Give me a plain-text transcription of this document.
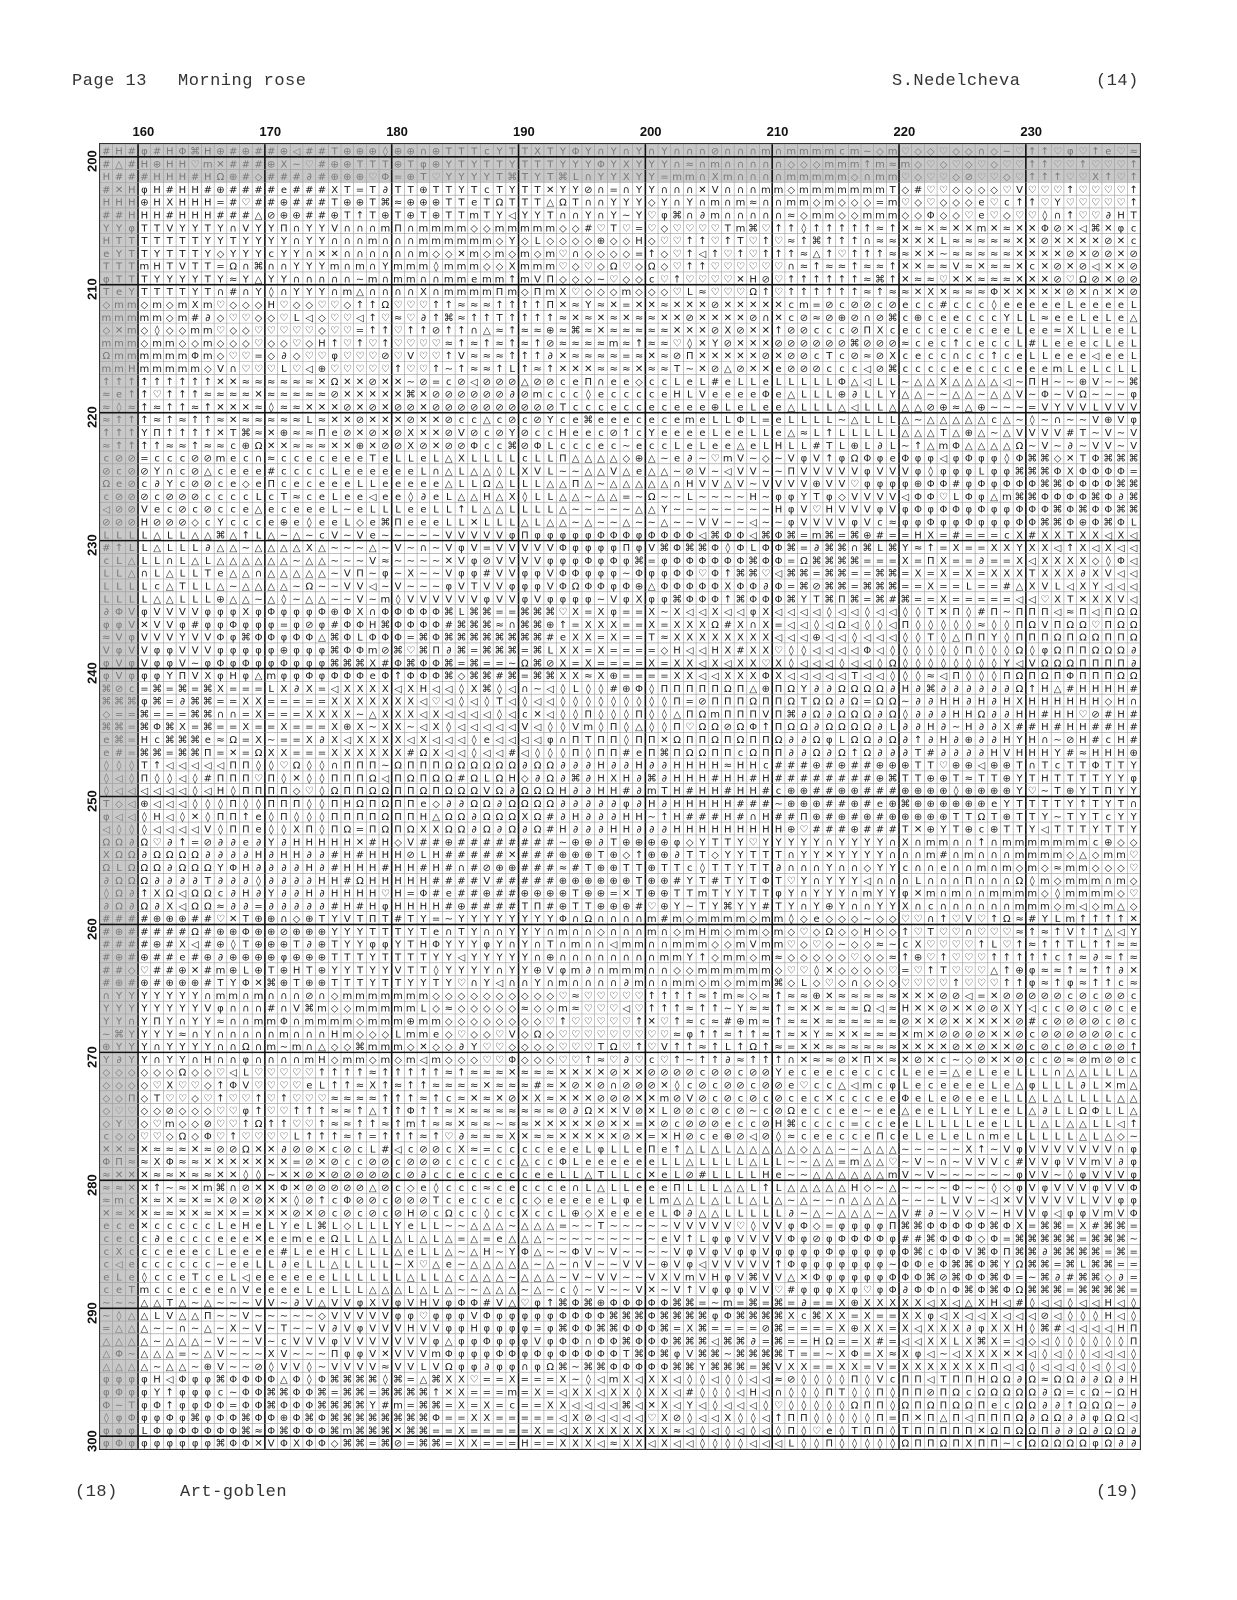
Page 13 Morning rose	S.Nedelcheva	(14)
160	170	180	190	200	210	220	230
200
210
220
230
240
250
260
270
280
290
300
# H # φ # H Φ ⌘ H ⊕ # ⊕ # # ⊕ ◁ # # T ⊕ ⊕ ⊕ ◊ ⊕ ⊕ ∩ ⊕ T T T c Y T T X T Y Φ Y ∩ Y ∩ Y ∩ Y ∩ ∩ ∩ ⊘ ∩ ∩ ∩ m ∩ m m m m c m ∼ ◇ m ♡ ◇ ◇ ♡ ◇ ◇ ∩ ◇ ∼ ♡ ↑ ↑ ♡ φ ♡ ↑ e ♡ ≈
# △ # H ⊕ H H ♡ m ✕ # # # ⊕ X ∼ ♡ # ⊕ ⊕ T T T ⊕ T φ ⊕ Y T Y T T Y T T T Y Y Y Φ Y X Y Y Y ∩ ≈ ∩ m ∩ ∩ ∩ ∩ ∩ ◇ ◇ ◇ m m m ↑ m ≈ m ◇ ♡ ◇ ♡ ◇ ♡ ◇ ♡ ♡ ↑ ↑ ♡ ♡ ↑ ♡ ♡ ♡ ↑
H # # # H H H # H Ω ⊕ # ◇ # # # ∂ # ⊕ ⊕ ⊕ ♡ Φ = ⊕ T ♡ Y Y Y Y T ⌘ T Y T ⌘ L ∩ Y Y X Y Y = m m ∩ X m ∩ ∩ ∩ ∩ m m m m m ◇ ∩ m m ♡ ◇ ♡ ♡ ◇ ⊘ ♡ ♡ ◇ ♡ ↑ ↑ ↑ ♡ ♡ X ↑ ♡ ↑
# ✕ H φ H # H H # ⊕ # # # # e # # # X T = T ∂ T T ⊕ T T Y T c T Y T T ✕ Y Y ⊘ ∩ = ∩ Y Y ∩ ∩ ∩ ✕ V ∩ ∩ ∩ m m ◇ m m m m m m m T ◇ # ♡ ♡ ◇ ◇ ◇ ◇ ♡ V ♡ ♡ ♡ ↑ ♡ ♡ ♡ ♡ ↑
H H H ⊕ H X H H H = # ♡ # # ⊕ # # # T ⊕ ⊕ T ⌘ ≈ ⊕ ⊕ ⊕ T T e T Ω T T T △ Ω T ∩ ∩ Y Y Y ◇ Y ∩ Y ∩ m ∩ m ≈ ∩ ∩ m m ◇ m ◇ ◇ ◇ = m ♡ ◇ ♡ ◇ ◇ ◇ e ♡ c ↑ ↑ ♡ Y ♡ ♡ ♡ ♡ ♡ ↑
# # H H H # H H H # # # △ ⊘ ⊕ ⊕ # # ⊕ T ↑ T ⊕ T ⊕ T ⊕ T T m T Y ◁ Y Y T ∩ ∩ Y ∩ Y ∼ Y ♡ φ ⌘ ∩ ∂ m ∩ ∩ ∩ ∩ ∩ ≈ ◇ m m ◇ ◇ m m m ◇ ◇ Φ ◇ ◇ ♡ e ♡ ◇ ♡ ♡ ◊ ∩ ↑ ♡ ♡ ∂ H T
Y Y φ T T V Y Y T Y ∩ V Y Y Π ∩ Y Y V ∩ ∩ ∩ m Π ∩ m m m m ◇ ◇ m m m m m ◇ ◇ # ♡ T ♡ = ♡ ◇ ♡ ♡ ♡ ♡ T m ⌘ ♡ ↑ ↑ ◊ ↑ ↑ ↑ ↑ ↑ ≈ ↑ ✕ ≈ ✕ ≈ ✕ ✕ m ✕ ≈ ✕ ✕ Φ ⊘ ✕ ◁ ⌘ ✕ φ c
H T T T T T T T Y Y T Y Y Y Y ∩ Y Y ∩ ∩ ∩ m ∩ ∩ ∩ m m m m m m ◇ Y ◇ L ◇ ◇ ◇ ◇ ⊕ ◇ ◇ H ◇ ♡ ♡ ↑ ↑ ♡ ↑ T ♡ ↑ ♡ ≈ ↑ ⌘ ↑ ↑ ↑ ∩ ≈ ≈ ✕ ✕ ✕ L ≈ ≈ ≈ ≈ ≈ ✕ ✕ ⊘ ✕ ✕ ✕ ✕ ⊘ ✕ c
e Y T T Y T T T Y ◇ Y Y Y c Y Y ∩ ✕ ✕ ∩ ∩ ∩ ∩ ∩ ∩ m ◇ ◇ ✕ m ◇ m ◇ m ◇ m ♡ ∩ ◇ ◇ ◇ ◇ = ↑ ◇ ♡ ↑ ◁ ↑ ♡ ↑ ♡ ↑ ↑ ↑ ≈ △ ↑ ♡ ↑ ↑ ↑ ≈ ≈ ✕ ✕ ∼ ≈ ≈ ≈ ≈ ≈ ✕ ✕ ✕ ✕ ⊘ ✕ ⊘ ⊘ ✕ ⊘
T T T m H T V T T = Ω ∩ ⌘ ∩ ∩ Y Y Y m ∩ m ∩ Y m m m ◊ m m m ◇ ◇ X m m m ♡ ◇ ♡ ◇ Ω ♡ ◇ Ω ◇ ♡ ↑ ↑ ♡ ♡ ♡ ♡ ♡ ♡ ∩ ≈ ↑ ≈ ≈ ↑ ≈ ≈ ↑ ✕ ✕ ≈ ≈ V ≈ ✕ ≈ ≈ ✕ c ✕ ⊘ ✕ ⊘ ◁ ✕ ✕ ⊘
φ T T T Y Y Y Y T Y ≈ Y △ Y Y ∩ ∩ ∩ ∩ ∩ ∼ m ∩ m m ∩ ∩ m m e m m ↑ m V Π ◇ ◇ ◇ ∼ ♡ ◇ ◇ c ♡ ↑ ♡ ♡ ♡ ♡ ✕ H ⊘ ♡ ↑ ↑ ↑ ↑ ↑ ↑ ≈ ⌘ ↑ ✕ ≈ ≈ ♡ ✕ ✕ ≈ ≈ ≈ ✕ ✕ ✕ ⊘ ♡ Ω ⊘ ✕ ⊘ ⊘
T e Y T T T T Y T ∩ # ∩ Y ◊ ∩ Y Y Y ∩ m △ ∩ ∩ ∩ ∩ X ∩ m m m m Π m ◇ Π m X ♡ ◇ ◇ ◇ m ◇ ◇ ◇ ♡ L ≈ ♡ ♡ ♡ Ω ↑ ♡ ↑ ↑ ↑ ↑ ↑ ↑ ≈ ↑ ≈ ≈ ✕ X ✕ ≈ ≈ ≈ Φ ✕ ✕ ✕ ✕ ✕ ⊘ ✕ ∩ ✕ ✕ ⊘
◇ m m ◇ m ◇ m X m ♡ ◇ ◇ ◇ H ♡ ◇ ◇ ♡ ♡ ◇ ↑ ↑ Ω ♡ ♡ ♡ ↑ ↑ ≈ ≈ ≈ ↑ ↑ ↑ ↑ Π ✕ ≈ Y ≈ ✕ = ✕ ✕ ≈ ✕ ✕ ✕ ⊘ ✕ ✕ ✕ ✕ ✕ c m = ⊘ c ⊘ ⊘ c ⊘ e c c # c c c ◊ e e e e e L e e e e L
m m m m m ◇ m # ∂ ◇ ♡ ♡ ◇ ◇ ♡ L ◁ ◇ ♡ ♡ ◁ ↑ ♡ ≈ ♡ ∂ ↑ ⌘ ≈ ↑ ↑ T ↑ ↑ ↑ ↑ ≈ ✕ ≈ ✕ ≈ ✕ ≈ ≈ ✕ ✕ ⊘ ✕ ✕ ✕ ✕ ⊘ ∩ ✕ c ⊘ ≈ ⊘ ⊕ ⊘ ∩ ⊘ ⌘ c ⊕ c e e c c c Y L L ≈ e e L e L e △
◇ ✕ m ◇ ◊ ◇ ◇ m m ♡ ◇ ◇ ♡ ♡ ♡ ♡ ♡ ◇ ♡ ♡ = ↑ ↑ ♡ ↑ ↑ ⊘ ↑ ↑ ∩ △ ≈ ↑ ≈ ≈ ⊕ ≈ ⌘ ≈ ✕ ≈ ≈ ≈ ≈ ≈ ✕ ✕ ✕ ⊘ X ⊘ ✕ ✕ ↑ ⊘ ⊘ c c c ⊘ Π X c e c c e c e c e e L e e ≈ X L L e e L
m m m ◇ m m ◇ ◇ m ◇ ◇ ◇ ♡ ◇ ◇ ♡ ◇ H ↑ ♡ ↑ ♡ ↑ ♡ ♡ ♡ ♡ ≈ ↑ ≈ ↑ ≈ ↑ ≈ ↑ ⊘ ≈ ≈ ≈ ≈ m ≈ ↑ ≈ ≈ ♡ ◊ ✕ Y ⊘ ✕ ✕ ✕ ⊘ ⊘ ⊘ ⊘ ⊘ ⊘ ⌘ ⊘ ⊘ ⊘ ≈ c e c ↑ c e c c L # L e e e c L e L
Ω m m m m m m Φ m ◇ ♡ ♡ = ◇ ∂ ◇ ♡ ♡ φ ♡ ♡ ♡ ⊘ ♡ V ♡ ♡ ↑ V ≈ ≈ ≈ ↑ ↑ ↑ ∂ ✕ ≈ ≈ ≈ ≈ = ≈ ✕ ≈ ⊘ Π ✕ ✕ ✕ ✕ ✕ ⊘ ✕ ⊘ ⊘ c T c ⊘ ≈ ⊘ X c e c c ∩ c c ↑ c e L L e e e ◁ e e L
m m H m m m m m ◇ V ∩ ♡ ♡ ♡ L ♡ ◁ ⊕ ♡ ♡ ♡ ♡ ♡ ↑ ♡ ♡ ↑ ∼ ↑ ≈ ≈ ↑ L ↑ ≈ ↑ ✕ ✕ ✕ ≈ ≈ ≈ ✕ ≈ ≈ T ∼ ✕ ⊘ △ ⊘ ✕ ✕ e ⊘ ⊘ ⊘ c c c ◁ ⊘ ⌘ c c c c e e c c c e e e m L e L c L L
↑ ↑ ↑ ↑ ↑ ↑ ↑ ↑ ↑ ✕ ✕ ≈ ≈ ≈ ≈ ≈ ≈ ✕ Ω ✕ ✕ ⊘ ✕ ✕ ∼ ⊘ = c ⊘ ◁ ⊘ ⊘ ⊘ △ ⊘ ⊘ c e Π ∩ e e ◇ c c L e L # e L L e L L L L L Φ △ ◁ L L ∼ △ △ X △ △ △ △ ◁ ∼ Π H ∼ ∼ ⊕ V ∼ ∼ ⌘
≈ e ↑ ↑ ♡ ↑ ↑ ↑ ≈ ≈ ≈ ≈ ✕ ≈ ≈ ≈ ≈ ≈ ⊘ ✕ ✕ ✕ ✕ ✕ ⌘ ✕ ⊘ ⊘ ⊘ ⊘ ⊘ ⊘ ∂ ⊘ m c c c ◊ e c c c c e H L V e e e e Φ e △ L L L ⊕ ∂ L L Y △ △ ∼ ∼ △ △ ∼ △ △ V ∼ Φ ∼ V Ω ∼ ∼ ∼ φ
≈ ◊ ≈ ↑ ≈ ↑ ↑ ≈ ↑ ✕ ✕ ✕ ≈ ◊ ≈ ≈ ✕ ✕ ✕ ⊘ ✕ ⊘ ✕ ⊘ ⊘ ✕ ⊘ ⊘ ⊘ ⊘ ⊘ ⊘ ⊘ ⊘ ⊘ ⊘ T c c c e c c e c e e e ⊕ L e L e e △ L L L △ ◁ L L △ △ △ ⊘ ⊕ ≈ △ ⊕ ∼ ∼ ∼ = V Y V V L V V V
≈ ↑ ↑ ↑ ≈ ↑ ≈ ↑ ↑ ≈ ✕ ≈ ≈ ≈ ≈ ≈ L ≈ ✕ ✕ ⊘ ✕ ✕ ✕ ⊘ ✕ ✕ ⊘ c c △ c ⊘ c ⊘ Y c e ⌘ e e e c e c e m e L L Φ L = e L L L L ∼ △ L L L △ ∼ △ △ △ △ △ c △ ∼ ◊ ∼ ∩ ∼ ∼ V ⊕ V φ
↑ ↑ ↑ Y Π ↑ ↑ ↑ ↑ ✕ T ⌘ ≈ ✕ ⊕ ≈ ≈ Π e ⊘ ✕ ⊘ ✕ ⊘ X ✕ ✕ ⊘ V ⊘ c ⊘ Y ⊘ c c H e e c ⊘ ↑ c Y e e e e L e e L L e △ ≈ L ↑ L L L L L △ △ △ T △ ⊕ △ ∼ △ V V V V # T ∼ V ∼ V
≈ ↑ ↑ ↑ ↑ ≈ ≈ ↑ ≈ ≈ c ⊕ Ω ✕ ✕ ≈ ≈ ≈ ✕ ✕ ⊕ ✕ ⊘ ⊘ X ⊘ ✕ ⊘ ⊘ Φ c c ⌘ ⊘ Φ L c c c e c ∼ e c c L e L e e △ e L H L L # T L ⊕ L ∂ L ∼ ↑ △ m Φ △ △ △ △ Ω ∼ V ∼ ∂ ∼ V V ∼ V
c ⊘ ⊘ = c c c ⊘ ⊘ m e c ∩ ≈ c c e c e e e T e L L e L △ X L L L L c L L Π △ △ △ △ ◇ ⊕ △ ∼ e ∂ ∼ ♡ m V ∼ ◇ ∼ V φ V ↑ φ Ω Φ φ e Φ φ φ ◁ φ Φ φ φ ◊ Φ ⌘ ⌘ ◇ ✕ T Φ ⌘ ⌘ ⌘
⊘ c ⊘ ⊘ Y ∩ c ⊘ △ c e e e # c c c c L e e e e e e L ∩ △ L △ △ ◊ L X V L ∼ ∼ △ △ V △ e △ △ ∼ ⊘ V ∼ ◁ V V ∼ ∼ Π V V V V V φ V V V φ ◊ φ φ φ L φ φ ⌘ ⌘ ⌘ Φ X Φ Φ Φ Φ =
Ω e ⊘ c ∂ Y c ⊘ ⊘ c e ◇ e Π c e c e e e L L e e e e e △ L L Ω △ L L L △ △ Π △ ∼ △ △ △ △ △ ∩ H V V △ V ∼ V V V V ⊕ V V ♡ φ φ φ φ ⊕ Φ Φ # φ Φ φ Φ Φ Φ ⌘ ⌘ Φ Φ Φ Φ ⌘ ⌘
c ⊘ ⊘ ⊘ c ⊘ ⊘ ⊘ c c c c L c T ≈ c e L e e ◁ e e ◊ ∂ e L △ △ H △ X ◊ L L △ △ ∼ △ △ = ∼ Ω ∼ ∼ L ∼ ∼ ∼ ∼ H ∼ φ φ Y T φ ◇ V V V V ◁ Φ Φ ♡ L Φ φ △ m ⌘ ⌘ Φ Φ Φ Φ ⌘ Φ ∂ ⌘
◁ ⊘ ⊘ V e c ⊘ c ⊘ c c e △ e c e e e L ∼ e L L L e e L L ↑ L △ △ L L L L △ ∼ ∼ ∼ ∼ ∼ △ △ Y ∼ ∼ ∼ ∼ ∼ ∼ ∼ ∼ H φ V ♡ H V V V φ V φ Φ φ Φ Φ φ Φ φ φ Φ Φ Φ ⌘ Φ ⌘ Φ Φ ⌘ ⌘
⊘ ⊘ ⊘ H ⊘ ⊘ ⊘ ◇ c Y c c c e ⊕ e ◊ e e L ◇ e ⌘ Π e e e L L ✕ L L L △ L △ △ ∼ △ ∼ ∼ △ ∼ ∼ △ ∼ ∼ V V ∼ ∼ ◁ ∼ ∼ φ V V V V φ V c ≈ φ φ Φ φ φ Φ φ φ φ Φ Φ ⌘ ⌘ Φ ⊕ Φ ⌘ Φ L
L L L L △ L L △ △ ⌘ △ ↑ L △ ∼ △ ∼ c V ∼ V e ∼ ∼ ∼ ∼ ∼ V V V V V φ Π φ φ φ φ φ Φ Φ Φ φ Φ Φ Φ Φ ◁ ⌘ Φ Φ ◁ ⌘ Φ ⌘ = m ⌘ = ⌘ ⊕ # = = H X = # = = = c X # X X T X X ◁ X ◁
# ↑ L L △ L L L ∂ △ △ ∼ △ △ △ △ X △ ∼ ∼ ∼ △ ∼ V ∼ ∩ ∼ V φ V = V V V V V Φ φ φ φ φ Π φ V ⌘ Φ ⌘ ⌘ Φ ◊ Φ L Φ Φ ⌘ = ∂ ⌘ ⌘ ∩ ⌘ L ⌘ Y ≈ ↑ = X = = X X Y X X ◁ ↑ X ◁ X ◁ ◁
c L △ L L ∩ L △ L △ △ △ △ △ △ ∼ △ △ ∼ ∼ ∼ V ≈ ∼ ∼ ∼ ∼ ✕ V φ ⊘ V V V V φ φ φ Φ φ Φ φ ⌘ = φ Φ Φ Φ Φ Φ Φ ⌘ Φ Φ = Ω ⌘ ⌘ ⌘ ⌘ = = = X = Π X = = ∂ = = X ◁ X X X X ◇ ◊ Φ ◁
L L △ ∩ L △ L L T e △ △ ∩ △ △ △ △ △ ∼ V Π ∼ φ ∼ X ∼ ∼ V φ φ # V V φ φ V Φ Φ φ φ φ ∼ Φ φ φ Φ Φ ♡ Φ ↑ ⌘ ⌘ ♡ ◁ ⌘ ⌘ = ⌘ ⌘ = = ⌘ ⌘ = X = X = X = X X X T X X X ∂ X V ◁ ◁
L L L L c △ T L L △ ∼ △ △ △ △ ∼ Ω ∼ ∼ V V ◁ ∼ V ∼ ∼ ∼ φ V T V V φ φ φ V Φ Ω Φ Φ φ Φ ⊕ △ Φ Φ Φ Φ Φ X Φ Φ ∂ Φ = ⌘ ⊘ ⌘ ⌘ = ⌘ ⌘ ⌘ = = X = = L = = # △ X V L ◁ X Y ◁ ◁ ◁
L L L L △ △ L L L ⊕ △ △ ∼ △ ◊ ∼ △ △ ∼ ∼ V ∼ m ◊ V V V V V V φ V V φ V φ φ φ φ ∼ V φ X φ φ ⌘ Φ Φ Φ ↑ ⌘ Φ Φ Φ ⌘ Y T ⌘ Π ⌘ = ⌘ # ⌘ = = X = = = = = ◁ ◁ ♡ X T ✕ X X V ◁
∂ Φ V φ V V V V φ φ φ X φ Φ φ φ φ Φ ⊕ Φ X ∩ Φ Φ Φ Φ Φ ⌘ L ⌘ ⌘ = = ⌘ ⌘ ⌘ ♡ X = X φ = = X ∼ X ◁ ◁ X ◁ ◁ φ X ◁ ◁ ◁ ◁ ◊ ◁ ◁ ◊ ◁ ◁ ◊ ◊ T ✕ Π ◊ # Π ∼ Π Π Π ◁ ≈ Π ◁ Π Ω Ω
φ φ V ✕ V V φ # φ φ Φ φ φ φ = φ ⊘ φ # Φ Φ H ⌘ Φ Φ Φ Φ # ⌘ ⌘ ⌘ ≈ ∩ ⌘ ⌘ ⊕ ↑ = X X X = = X = X X X Ω # X ∩ X = ◁ ◁ ◊ ◁ Ω ◁ ◊ ◊ ◁ Π ◊ ◊ ◊ ◊ ◊ ≈ ◊ ◊ Π Ω V Π Ω Ω ♡ Π Ω Ω
≈ V φ V V V Y V V Φ φ ⌘ Φ Φ φ Φ Φ △ ⌘ Φ L Φ Φ Φ = ⌘ Φ ⌘ ⌘ ⌘ ⌘ ⌘ ⌘ ⌘ ⌘ # e X X = X = = T ≈ X X X X X X X X ◁ ◁ ◁ ⊕ ◁ ◁ ◊ ◁ ◁ ◁ ◊ ◊ T ◊ △ Π Π Y ◊ Π Π Π Ω Π Ω Ω Π Π Ω
V φ V V φ φ V V V φ φ φ φ φ ⊕ φ φ φ ⌘ Φ Φ m ⊘ ⌘ ♡ ⌘ Π ∂ ⌘ = ⌘ ⌘ ⌘ = ⌘ L X X = X = = = = ◇ H ◁ ◁ H X # X X ♡ ◊ ◊ ◁ ◁ ◁ ◁ Φ ◁ ◊ ◊ ◊ ◊ ◊ ◊ Π ◊ ◊ ◊ Ω ◊ φ Ω Π Π Ω Ω Ω ∂
φ V φ V φ φ V ∼ φ Φ φ Φ φ φ Φ φ φ φ ⌘ ⌘ ⌘ X # Φ ⌘ Φ Φ ⌘ = ⌘ = = ∼ Ω ⌘ ⊘ X = X = = = = X = X X ◁ X ◁ X X ♡ X ◊ ◁ ◁ ◁ ◊ ◁ ◁ ◊ Ω ◊ ◊ ◊ ◊ ◊ ◊ ◊ ◊ Y ◁ V Ω Ω Ω Π Π Π Π ∂
φ V φ φ φ Y Π V X φ H φ △ m φ φ Φ φ Φ Φ Φ e Φ ↑ Φ Φ Φ ⌘ ◇ ⌘ ⌘ # ⌘ = ⌘ ⌘ X X ≈ X ⊕ = = = = X X ◁ ◁ X X X Φ X ◁ ◁ ◁ ◁ ◁ T ◁ ◁ ◊ ◊ ◊ ≈ ◁ Π ◊ ◊ ◊ Π Ω Π Ω Π Φ Π Π Π Ω Ω
⌘ ⊘ c = ⌘ = ⌘ = ⌘ X = = = L X ∂ X = ◁ X X X X ◁ X H ◁ ◁ ◊ X ⌘ ◊ ◁ ∩ ∼ ◁ ◊ L ◊ ◊ # ⊕ Φ ◊ Π Π Π Π Π Ω Π △ ⊕ Π Ω Y ∂ ∂ Ω Ω Ω Ω ∂ H ∂ ⌘ ∂ ∂ ∂ ∂ ∂ ∂ Ω ↑ H △ # H H H H #
⌘ ⌘ ⌘ φ ⌘ = ∂ ⌘ ⌘ = = X X = = = = = X X X X X X X ◁ ♡ ◁ ◊ ◁ ◊ T ◁ ◊ ◁ ◁ ◊ ◊ ◊ ◊ ◊ ◊ ◊ ◊ ◊ Π = ⊘ Π Π Π Ω Π Π Ω T Ω Ω ∂ Ω = Ω Ω ∼ ∂ ∂ H H ∂ H ∂ H X H H H H H H ◇ H ∩
◇ = = ⌘ = = = ⌘ ⌘ ∩ ∩ = X = = = X X X X ∼ △ X X X ◁ X ◁ ◁ ◁ ◁ ◊ ◁ c ✕ ◁ ◊ ◊ Π ◊ ◊ ◊ Π ◊ ◊ △ Π Ω m Π Π Π V Π ⌘ ∂ Ω ∂ Ω Ω Ω ∂ Ω ◊ ∂ ∂ ∂ H H Ω ∂ ∂ H H # H H ♡ ⊘ # H #
⌘ ⌘ = ⌘ Φ ⌘ X = ⌘ = = X = = X = = = X ⊕ X ∼ X X ∼ ◁ X ◊ ◁ ◁ ◁ ◁ ◁ V ◁ ◊ ◊ V m ◊ Π ◊ △ ◊ ◊ Π ♡ Ω Ω ⊘ Ω Φ ↑ Π Ω Ω ∂ Ω Ω Ω Ω ∂ L ∂ ∂ H ∂ ∼ H ∂ ∂ X # # H # H H # # H #
e ⌘ = H c ⌘ ⌘ ⌘ e ≈ Ω = X ∼ = = X ∂ X ◁ X X X X ◁ X ◁ ◁ ◁ ◊ e ◁ ◁ ◁ ◁ φ ∩ Π T Π Π ◊ Π Π ✕ Ω Π Π Ω Π Ω Π Π Ω ∂ ∂ Ω φ L Ω Ω ∂ Ω ∂ ↑ ∂ H ∂ ⊕ ∂ ∂ H Y H ∩ ∼ ⊘ H # c H #
e # = ⌘ ⌘ = ⌘ ⌘ Π = ✕ = Ω X X = = = X X X X X X # Ω X ◁ ◁ ◊ ◁ ◁ # ◁ ◊ ◊ ◊ Π ◊ Π Π # e Π ⌘ Π Ω Ω Π Π c Ω Π Π ∂ ∂ Ω ∂ Ω ↑ Ω ∂ ∂ ∂ T # ∂ ∂ ∂ ∂ H V H H H Y # ≈ H H H ⊕
◊ ◊ ◊ T ↑ ◁ ◁ ◁ ◁ ◁ Π Π ◊ ◊ ♡ Ω ◊ ◊ ∩ Π Π Π ∼ Ω Π Π Π Ω Ω Ω Ω Ω Ω ∂ Ω Ω ∂ ∂ ∂ H ∂ ∂ H ∂ ∂ H H H H ≈ H H c # # # ⊕ # ⊕ # # ⊕ ⊕ ⊕ T T ♡ ⊕ ⊕ ◁ ⊕ ⊕ T ∩ T c T T Φ T T Y
◊ ◁ ◊ Π ◊ ◊ ◁ ◊ # Π Π Π ♡ Π ◊ ✕ ◊ ◊ Π Π Π Ω ◁ Π Ω Π Ω Ω # Ω L Ω H ◇ ∂ Ω ∂ ⌘ ∂ H X H ∂ ⌘ ∂ H H H # H H # H # # # # # # # # ⊕ ⌘ T T ⊕ ⊕ T ≈ T T ⊕ Y T H T T T T Y Y φ
◊ ◁ ◁ ◁ ◁ ◁ ◁ ◊ ◁ H ◊ Π Π Π Π ◇ ♡ ◊ Ω Π Π Ω Ω Π Π Ω Π Ω Ω Ω V Ω ∂ Ω Ω Ω H ∂ ∂ H H # ∂ m T H # H H # H H # c ⊕ ⊕ # # ⊕ ⊕ # # # ⊕ ⊕ ⊕ ⊕ ◊ ⊕ ⊕ ⊕ ⊕ Y ♡ ∼ T ⊕ Y T Π Y Y
T ◇ ◁ ⊕ ◁ ◁ ◁ ◊ ◊ ◊ Π ◊ ◊ Π Π Π ◊ ◊ Π H Ω Π Ω Π Π e ◇ ∂ ∂ Ω Ω ∂ Ω Ω Ω Ω ∂ ∂ ∂ ∂ ∂ φ ∂ H ∂ H H H H H # # # ∼ ⊕ ⊕ ⊕ # # ⊕ # e ⊕ ⌘ ⊕ ⊕ ⊕ ⊕ ⊕ ⊕ e Y T T T T Y ↑ T Y T ∩
φ ◁ ◁ ◊ H ◁ ◊ ✕ ◊ Π Π ↑ e ◊ Π ◊ ◊ ◊ Π Π Π Π Ω Π Π H △ Ω Ω ∂ Ω Ω Ω X Ω # ∂ H ∂ ∂ ∂ H H ∼ ↑ H # # # H # ∩ H # # Π ⊕ # ⊕ # ⊕ # ⊕ ⊕ ⊕ ⊕ ⊕ T T Ω T ⊕ T T Y ∼ T Y T c Y Y
◁ ◊ ◊ ◊ ◁ ◁ ◁ ◁ V ◊ Π Π e ◊ ◊ X Π ◊ Π Ω = Π Ω Π Ω X X Ω Ω ∂ Ω ∂ Ω ∂ Ω # H ∂ ∂ ∂ H H ∂ ∂ ∂ H H H H H H H H H ⊕ ♡ # # # ⊕ # # # T ✕ ⊕ Y T ⊕ c ⊕ T T Y ◁ T T T Y T T Y
Ω Ω ∂ Ω ♡ ∂ ↑ = ⊘ ∂ ∂ e ∂ Y ∂ H H H H H ✕ # H ◇ V # # ⊕ # # # # # # # # ∼ ⊕ ⊕ ∂ T ⊕ ⊕ ⊕ ⊕ φ ◇ Y T T Y ♡ Y Y Y Y Y ∩ Y Y Y Y ∩ X ∩ m m ∩ ∩ ↑ ∩ m m m m m m m c ⊕ ◇ ◇
X Ω Ω ∂ Ω Ω Ω Ω ∂ ∂ ∂ ∂ H ∂ H H ∂ ∂ # H # H H H ⊘ L H # # # # # ✕ # # # ⊕ ⊕ ⊕ T ⊕ ◇ ↑ ⊕ ⊕ ∂ T T ◇ Y Y T T T ∩ Y Y ✕ Y Y Y Y ∩ ∩ ∩ m # ∩ m ∩ ∩ ∩ m m m m ◇ △ ◇ m m ♡
Ω L Ω Ω Ω ∂ Ω Ω Ω Y Φ H ∂ ∂ ∂ ∂ H ∂ # H H H # H H # H # ∩ # ⊘ ⊕ ⊕ # # # ≈ # T ⊕ ⊕ T T ⊕ T T c ◊ T T Y T T ∂ ∩ ∩ ∩ Y ∩ ∩ ◇ Y Y c ∩ ∩ e ∩ ∩ m ∩ m ◇ m ◇ ≈ m m ◇ ◇ ◇ ♡
∂ Ω Ω Ω ∂ ∂ ∂ ∂ T ∂ ∂ ∂ ◊ ∂ ∂ ∂ ∂ H H # Ω H H H H H # # # # V # # # # # ⊕ ⊕ ⊕ ⊕ ⊕ ⊕ T ⊕ ⊕ # Y T # T Y T Φ T ♡ Y ∩ Y Y Y ◁ ∩ ∩ ∩ L ∩ ∩ ∩ Π ∩ ∩ ∩ Ω ◊ m ◇ m m m ∩ m ◇
◊ Ω ∂ ↑ X Ω ◁ Ω Ω c ∂ H ∂ Y ∂ ∂ H ∂ H H H H ♡ H = Φ # e # # ⊕ # # ⊕ ⊕ ⊕ ⊕ T ⊕ ⊕ = ✕ T ⊕ ⊕ T T m T Y Y T T φ Y ∩ Y Y Y ∩ m Y Y φ ✕ m ∩ m ∩ ∩ m m m m ◇ ◊ m m m m ◇ ♡
∂ Ω ∂ Ω ∂ X ◁ Ω Ω ≈ ∂ ∂ = ∂ ∂ ∂ ∂ ∂ # H # H φ H H H H # ⊕ # # # # T Π # ⊕ T T ⊕ ⊕ ⊕ # ♡ ⊕ Y ∼ T Y ⌘ Y Y # T Y ∩ Y ⊕ Y ∩ ∩ Y Y X ∩ c ∩ ∩ ∩ ∩ ∩ ∩ m m m ◇ m ◁ ◇ m △ ◇
# # # # ⊕ ⊕ ⊕ # # ♡ ✕ T ⊕ ⊕ ∩ ◇ ⊕ T Y V T Π T # T Y = ∼ Y Y Y Y Y Y Y Y Φ ∩ Ω ∩ ∩ ∩ ∩ m # m ◇ m m m m ◇ m m ◊ ◇ e ◇ ◇ ◇ ∼ ◇ ◇ ♡ ♡ ∩ ↑ ♡ V ♡ ↑ Ω ≈ # Y L m ↑ ↑ ↑ ↑ ✕
# ⊕ # # # # # Ω # ⊕ ⊕ Φ ⊕ ⊕ ⊘ ⊕ ⊕ ⊕ Y Y Y T T T Y T e ∩ T Y ∩ ∩ Y Y Y ∩ m ∩ ∩ ◇ ∩ ∩ ∩ m ∩ ◇ m H m ◇ m m ◇ m ◇ ♡ ◇ Ω ◇ ◇ H ◇ ◇ ↑ ♡ T ♡ ♡ ∩ ♡ ♡ ♡ ≈ ↑ ≈ ↑ V ↑ ↑ △ ◁ Y
# # # # ⊕ # X ◁ # ⊕ ◊ T ⊕ ⊕ ⊕ T ∂ ⊕ T Y Y φ φ Y T H Φ Y Y Y φ Y ∩ Y ∩ T ∩ m ∩ ∩ ◁ m m ∩ ∩ m m m ◇ ◇ m V m m ♡ ◇ ♡ ◇ ∼ ◇ ◇ ≈ ∼ c X ♡ ♡ ♡ ♡ ↑ L ♡ ↑ ≈ ↑ ↑ T L ↑ ↑ ≈ ≈
# ⊕ # ⊕ # # e # ⊕ ∂ ⊕ ⊕ ⊕ ⊕ φ ⊕ ⊕ ⊕ T T T Y T T T T Y Y ◁ Y Y Y Y Y ∩ ⊕ ∩ ∩ ∩ ∩ ∩ ∩ ∩ ∩ m m Y ↑ ◇ m m ◇ m ≈ ◇ ◇ ◇ ◇ ◇ ♡ ◇ ◇ ≈ ↑ ⊕ ♡ ↑ ♡ ♡ ♡ ↑ ↑ ↑ ↑ ↑ c ↑ ≈ ∂ ≈ ↑ ≈
# # ◇ ♡ # # ⊕ ✕ # m ⊕ L ⊕ T ⊕ H T ⊕ Y Y T Y Y V T T ◊ Y Y Y Y ∩ Y Y ⊕ V φ m ∂ ∩ m m m ∩ ∩ ◇ ◇ m m m m m m ◇ ♡ ♡ ◊ ✕ ◇ ◇ ◇ ◇ ♡ = ♡ ↑ T ♡ ♡ ♡ △ ↑ ⊕ φ ≈ ≈ ↑ ≈ ↑ ↑ ∂ ✕
# ⊕ # ⊕ # ⊕ ⊕ ⊕ # T Y Φ ✕ ⌘ ⊕ T ⊕ ⊕ T T T Y T T Y Y T Y ♡ ∩ Y ◁ ∩ ∩ Y ∩ m ∩ ∩ ∩ ∩ ∂ m ∩ ∩ m m ◇ m ◇ m m m ⌘ ◇ L ◇ ♡ ◇ ∩ ◇ ◇ ◇ ♡ ♡ ♡ ♡ ↑ ♡ ♡ ♡ ↑ ↑ φ ≈ ↑ φ ≈ ↑ ↑ c ≈
∩ Y Y Y Y Y Y Y ∩ m m ∩ m ∩ ∩ ∩ ⊘ ∩ ◇ m m m m m m m ◇ ◇ ◇ ◇ ◇ ◇ ◇ ◇ ◇ ◇ ♡ ≈ ♡ ♡ ♡ ♡ ♡ ↑ ↑ ↑ ↑ ≈ ↑ m ≈ ◇ ≈ ↑ ≈ ≈ ⊕ ✕ ≈ ≈ ≈ ≈ ≈ ✕ ✕ ✕ ⊘ ⊘ ◁ = ✕ ⊘ ⊘ ⊘ ⊘ ⊘ c ⊘ c ⊘ ⊘ c
Y Y Y Y Y Y Y Y V φ ∩ ∩ ∩ # ∩ V ⌘ m ◇ ◇ m m m m m L ◇ ≈ ◇ ◇ ◇ ◇ ◇ ≈ ◇ ◇ m ≈ ♡ ♡ ♡ ◁ ♡ ↑ ↑ ↑ ≈ ↑ ↑ ∼ Y ≈ ≈ ↑ ≈ ✕ ✕ ≈ ≈ ≈ Ω ◁ ≈ H ✕ ✕ ⊘ ✕ ✕ ⊘ ⊘ X Y ◁ c c ⊘ ⊘ c ⊘ c e
Y Y ∩ Y Π Y ∩ Y Y ≈ ∩ ∩ m m Φ ∩ m m m m ◇ m m m ⊕ m m ◇ ◇ ◇ ◇ ◇ ◇ ◇ ◇ ♡ ↑ ♡ ♡ ♡ ♡ ♡ ↑ ✕ ♡ ↑ ≈ c ≈ # ⊕ m ≈ ↑ ≈ ≈ ✕ ≈ ≈ ≈ ≈ ≈ ≈ ⊘ ✕ ✕ ⊘ ✕ ✕ ✕ ✕ ✕ ⊘ # c ⊘ ⊘ ⊘ ⊘ c ⊘ c
∼ ⌘ Y Y Y Y ≈ ∩ Y ∩ ∩ ∩ ∩ ∩ m ∩ ∩ ∩ H m ◇ ◇ ◇ L m m e ◇ ♡ ◇ ◇ ♡ V ◇ Ω ◇ ♡ ♡ ♡ ♡ ♡ ♡ ♡ ♡ ♡ ≈ φ ↑ ↑ ≈ ↑ ↑ ≈ ↑ ≈ ✕ Y ≈ ✕ ✕ ≈ ≈ ≈ ✕ m ✕ ⊘ ⊘ ⊘ ⊘ ✕ ✕ ⊘ c ⊘ ⊘ ⊘ ⊘ ⊘ ⊘ c c
⊕ Y Y Y ∩ Y Y Y Y ∩ ∩ Ω ∩ m ∼ m ∩ △ ◇ ◇ ⌘ m m m ◇ ✕ ◇ ◇ ∂ Y ♡ ♡ ◇ ◇ ◇ ◇ ♡ ♡ ♡ T Ω ♡ ↑ ♡ V ↑ ↑ ≈ ↑ L ↑ Ω ↑ ≈ = ✕ ✕ ≈ ≈ ≈ ≈ ≈ ≈ ✕ ✕ ✕ ✕ ⊘ ✕ ⊘ ✕ ✕ ⊘ c ⊘ c ⊘ ⊘ c ⊘ ⊘ ↑
Y ∂ Y Y ∩ Y Y ∩ H ∩ ∩ φ ∩ ∩ ∩ ∩ m H ◇ m m ◇ m ◇ m ◁ m ◇ ◇ ◇ ♡ ♡ Φ ◇ ◇ ◇ ♡ ♡ ↑ ≈ ♡ ∂ ♡ c ♡ ↑ ∼ ↑ ↑ ∂ ≈ ↑ ↑ ↑ ∩ ✕ ≈ ≈ ⊘ ✕ Π ✕ ≈ ✕ ⊘ ✕ c ∼ ◇ ⊘ ✕ ✕ ⊘ c c ⊘ ≈ ⊘ m ⊘ ⊘ c
◇ ◇ ◇ ◇ ◇ ◇ Ω ◇ ◇ ♡ ◁ L ♡ ♡ ♡ ♡ ♡ ↑ ↑ ↑ ↑ ≈ ↑ ↑ ↑ ↑ ↑ ≈ ↑ ≈ ≈ ≈ ✕ ≈ ≈ ≈ ✕ ✕ ✕ ✕ ⊘ ✕ ✕ ⊘ ⊘ ⊘ ⊘ c ⊘ ⊘ c ⊘ ⊘ Y e c e e c e c c c L e e = △ e L e e L L L ∩ △ △ L L L △
◇ ◇ ◇ ◇ ♡ X ♡ ♡ ◇ ↑ Φ V ♡ ♡ ♡ ♡ e L ↑ ↑ ≈ X ↑ ≈ ↑ ↑ ≈ ≈ ≈ ≈ ✕ ≈ ≈ ≈ # ≈ ✕ ⊘ ✕ ⊘ ∩ ⊘ ⊘ ⊘ ✕ ◊ c ⊘ c ⊘ ⊘ c ⊘ ⊘ e ♡ c c △ ◁ m c φ L e c e e e e L e △ φ L L L ∂ L ✕ m △
◇ ◇ Π ◇ T ♡ ♡ ◇ ♡ ↑ ♡ ♡ ↑ ♡ ↑ ♡ ♡ ♡ ≈ ≈ ≈ ≈ ↑ ↑ ↑ ≈ ↑ c ≈ ✕ ≈ ✕ ⊘ ✕ X ≈ ✕ ✕ ✕ ⊘ ⊘ ⊘ ✕ ✕ m ⊘ V ⊘ c ⊘ c ⊘ c ⊘ c e c ✕ c c c e e Φ e L e ⊘ e e e L L △ L △ L L L L △ △
◇ ♡ ♡ ◇ ◇ ⊘ ◇ ◇ ◇ ♡ ♡ φ ↑ ♡ ♡ ↑ ↑ ↑ ≈ ≈ ↑ △ ↑ ↑ Φ ↑ ↑ ≈ ✕ ≈ ≈ ≈ ≈ ≈ ≈ ≈ ⊘ ∂ Ω ✕ ✕ V ⊘ ✕ L ⊘ ⊘ c ⊘ c ⊘ ∼ c ⊘ Ω e c c e e ∼ e e △ e e L L Y L e e L △ ∂ L L Ω Φ L L △
◇ Y ♡ ◇ ♡ m ◇ ◇ ⊘ ♡ ♡ ↑ Ω ↑ ↑ ♡ ♡ ↑ ≈ ≈ ↑ ↑ ≈ ↑ m ↑ ≈ ≈ ✕ ≈ ≈ ∼ ≈ ≈ ✕ ✕ ✕ ✕ ✕ ⊘ ✕ ✕ = ✕ ⊘ c ⊘ ⊘ ⊘ e c c ⊘ H ⌘ c c c c = c c e e L L L L L e e L L L △ L △ △ L L ◁ ↑
c ◇ ◇ ♡ ♡ ◇ Ω ◇ Φ ♡ ↑ ♡ ♡ ♡ ♡ L ↑ ↑ ↑ ≈ ↑ = ↑ ↑ ↑ ≈ ↑ ♡ ∂ ≈ ≈ ≈ X ✕ ≈ ≈ ✕ ✕ ✕ ✕ ✕ ⊘ ✕ = ✕ H ⊘ c e ⊕ ⊘ ◁ ⊘ ◊ ≈ c e e c c e Π c e L e L e L ∩ m e L L L L L △ L △ ◇ ∼
✕ ✕ ≈ ✕ ≈ ≈ ≈ ✕ ≈ ⊘ ⊘ Ω ✕ ✕ ∂ ⊘ ⊘ ✕ c ⊘ c L # ◁ c ⊘ ⊘ c X ≈ = c c c c e e e L φ L L e Π e ↑ △ L △ L △ △ △ △ △ ◇ △ △ ∼ ∼ △ △ △ ∼ ∼ ∼ ∼ ∼ X ↑ ∼ V φ V V V V V V V ∩ φ
Φ Π ≈ ≈ X Φ ≈ ≈ ✕ ✕ ✕ ✕ ✕ ✕ ✕ = ⊘ ✕ ⊘ c c ⊘ ⊘ c ⊘ ⊘ ⊘ c c c c c c △ c c Φ L e e e e e e L L △ L L L L △ L L ∼ ∼ △ △ = m △ △ ♡ ∼ V ∼ ∩ ∼ V V V c # V V φ V V m V ∂ φ
≈ ✕ ✕ ✕ ≈ ≈ ✕ ≈ ≈ ✕ ✕ ◊ ◊ ∼ ✕ ✕ ⊘ ✕ ⊘ ⊘ ⊘ ⊘ ⊘ c ⊘ ∂ c c e c c e c c e e L L △ T L L c ✕ e L ⊘ # L L L L H e ∼ ∼ △ △ △ △ △ △ m V ∼ V ∼ ∼ ∼ ∼ ∼ ∼ φ V V ∼ ◊ φ V V V φ
≈ ≈ ✕ ✕ ↑ ∼ ≈ ✕ m ⌘ ∩ ⊘ ✕ ✕ Φ ✕ ⊘ ⊘ ⊘ ⊘ ⊘ △ ⊘ c ◇ e ◊ c c c ≈ c e c c c e ∩ L △ L L e e e Π L L L △ △ L ↑ L △ △ △ △ △ H ◇ ∼ △ ∼ ∼ ∼ ∼ Φ ∼ ∼ ◊ ◇ φ V φ V V V φ V V Φ
≈ m c ✕ ≈ ✕ ≈ ✕ ≈ ✕ ⊘ ✕ ⊘ ✕ ✕ ◊ ⊘ ↑ c Φ ⊘ ⊘ c ⊘ ⊘ ⊘ T c e c c e c c ◇ e e e e e L φ e L m △ △ L △ L L △ L △ ∼ △ ∼ ∼ ∩ △ △ △ △ ∼ ∼ ∼ L V V ∼ ◁ ✕ V V V V V L V V φ φ
✕ ≈ ✕ ✕ ≈ ≈ ✕ ✕ ≈ ✕ ✕ = ✕ ✕ ✕ ⊘ ✕ ⊘ c ⊘ c ⊘ c ⊘ H ⊘ c Ω c c ◊ c c X c c L ⊕ ◇ X e e e e L Φ ∂ △ △ L L L L L ∂ ∼ △ ∼ △ △ △ ∼ △ V # ∂ ∼ V ◇ V ∼ H V V φ ◁ φ φ V m V Φ
e c e ✕ c c c c c L e H e L Y e L ⌘ L ◇ L L L Y e L L ∼ ∼ △ △ △ ∼ △ △ △ = ∼ ∼ T ∼ ∼ ∼ ∼ ∼ V V V V V ♡ ◊ V V φ Φ ◇ = φ φ φ φ Π ⌘ ⌘ Φ Φ Φ Φ Φ ⌘ Φ X = ⌘ ⌘ = X # ⌘ ⌘ =
c e c c ∂ e c c c e e e ✕ e e m e e Ω L L △ L △ L △ L △ = △ = e △ △ △ ∼ ∼ ∼ ∼ ∼ ∼ ∼ ∼ ∼ e V ↑ L φ φ V V V V Φ φ ⊘ φ Φ Φ Φ Φ φ # # ⌘ Φ Φ Φ ◇ Φ = ⌘ ⌘ ⌘ ⌘ ⌘ = ⌘ ⌘ ⌘ ∼
c X c c c e e e c L e e e e # L e e H c L L L △ e L L △ ∼ △ H ∼ Y Φ △ ∼ ∼ Φ V ∼ V ∼ ∼ ∼ ∼ V φ V φ V φ φ V φ φ φ φ Φ φ φ φ φ φ Φ ⌘ c Φ Φ V ⌘ Φ Π ⌘ ⌘ ∂ ⌘ ⌘ ⌘ ⌘ = ⌘ =
c ◁ e c c c c c c ∼ e e L L ∂ e L L △ L L L L ∼ X ♡ △ e ∼ △ △ △ △ △ ∼ △ ∼ ∩ V ∼ ∼ V V ∼ ⊕ V φ ◁ V V V V V ↑ Φ φ φ φ φ φ φ φ ∼ Φ Φ e Φ ⌘ ⌘ Φ ⌘ Y Ω ⌘ ⌘ = ⌘ L ⌘ ⌘ = =
e L e ◊ c c e T c e L ◁ e e e e e e L L L L L L △ L L △ c △ △ △ ∼ △ △ △ ∼ V ∼ V V ∼ ∼ V X V m V H φ V ⌘ V V △ ✕ Φ φ φ φ φ φ Φ Φ Φ ⌘ ⊘ ⌘ Φ Φ ⌘ Φ = ∼ ⌘ ∂ # ⌘ ⌘ ◇ ∂ =
c e T m c c e c e e ∩ V e e e e L e L L L △ △ △ L △ L △ ∼ ∼ △ △ △ ∼ △ ∼ c ◊ ∼ V ∼ ∼ V ✕ ∼ V ↑ V φ φ φ V V ♡ # φ φ φ X φ ♡ φ Φ ∂ Φ Φ ∩ Φ ⌘ Φ ⌘ Φ Ω ⌘ ⌘ ⌘ = ⌘ ⌘ ⌘ ⌘ =
∼ ∼ ∼ △ △ T △ ∼ △ ∼ ∼ ∼ V V ∼ ∂ V △ V V φ X V φ V H V φ Φ Φ # V △ ♡ φ ↑ ⌘ Φ ⌘ ⊕ Φ Φ Φ Φ Φ ⌘ ⌘ = ∼ m = ⌘ = ⌘ = ∂ = = X ⊕ X X X X X ◁ X ◁ △ X H ◁ # ◊ ◁ ◁ ◊ ◁ ◁ H ◁ ◊
∼ ◊ △ △ L V △ △ Π ∼ ∼ V ∼ ∼ ∼ ∼ ∼ ◇ V V V V V φ φ ♡ φ φ φ V Φ φ φ φ φ φ Φ Φ Φ Φ ⌘ ⌘ ⌘ Φ ⌘ ⌘ ⌘ ⌘ φ Φ ⌘ ⌘ ⌘ ⌘ X c ⌘ X X = X = = X X φ ◁ X ◁ ◁ X ◁ ◁ ◁ ⊘ ◁ ◊ ◊ ◊ H ◁ ◊
= △ △ △ ∼ ∼ ∩ ∼ △ ∼ X ∼ V ∼ T ∼ ∼ V ∂ V φ V V V H V V φ φ H φ φ φ φ = φ ⌘ Φ Φ ⌘ ⌘ Φ Φ Φ ⌘ = X ⌘ = = = = ⊘ ⌘ = = = = X ⊕ X X = X ◁ X X X ∂ φ X X H ◊ ⌘ # ◁ ◁ ◁ ◁ H Π
△ △ △ △ ∼ △ △ △ ∼ V ∼ ∼ V ∼ c V V V φ V V V V V V V φ △ φ φ Φ φ φ φ V φ Φ Φ ∩ Φ Φ ⌘ Φ Φ Φ ⌘ ⌘ ⌘ ◁ ⌘ ⌘ ∂ = ⌘ = = H Ω = = X # = ◁ ◁ X X L X ⌘ X = ◁ ◇ ◁ ◊ ◊ ◊ ◊ ◊ ◊ Π
△ Φ ∼ △ △ △ = ∼ △ V ∼ ∼ ∼ X V ∼ ∼ ∼ Π φ φ V ✕ V V V m Φ φ φ φ Φ Φ φ Φ φ Φ Φ Φ Φ Φ T ⌘ Φ ⌘ φ V ⌘ ⌘ ∼ ⌘ ⌘ ⌘ ⌘ T = = ∼ X Φ = X ≈ X φ ◁ ∼ ◁ X X X ✕ ✕ ◁ ◊ ◁ ◊ ◊ ◁ ◁ ◁ ◊
△ △ △ △ ∼ △ △ ∼ ⊕ V ∼ ∼ ⊘ ◊ V V ◊ ∼ V V V V ≈ V V L V Ω φ φ ∂ φ φ ∩ φ Ω ⌘ ∼ ⌘ ⌘ Φ Φ Φ Φ Φ ⌘ ⌘ Y ⌘ ⌘ ⌘ = ⌘ V X X = = X X = V = X X X X X X X Π ◁ ◁ ◊ ◁ ◁ ◁ ◊ ◁ ◊ ◁ ◊
φ φ φ φ H ◁ Φ φ φ ⌘ Φ Φ Φ Φ △ Φ ◊ Φ ⌘ ⌘ ⌘ ⌘ ◊ ⌘ = △ ⌘ X X ♡ = = X = = = X ∼ ◊ ◁ m X ◁ X X ◁ ◊ ◊ ◁ ◊ ◊ ◁ ◁ ≈ ⊘ ◊ ◊ ◊ ◊ Π ◊ V c Π Π ◁ T Π Π H Ω Ω ∂ Ω ≈ Ω Ω ∂ ∂ Ω ∂ H
φ Φ φ φ Y ↑ φ φ φ c ∼ Φ Φ ⌘ ⌘ Φ Φ ⌘ = ⌘ ⌘ = ⌘ ⌘ ⌘ ⌘ ↑ ✕ X = = = m = X = ◁ X X ◁ X X ◊ X X ◁ # ◊ ◊ ◊ ◁ H ◁ ∩ ◊ ◊ ◊ Π T ◊ ◊ Π ◊ Π Π ⊘ Π Ω c Ω Ω Ω Ω Ω ∂ Ω = c Ω ∼ Ω H
Φ ∼ T φ Φ ↑ φ φ Φ Φ = Φ Φ ⌘ Φ Φ Φ ⌘ ⌘ ⌘ ⌘ Y # m = ⌘ ⌘ = X = X = c = = X X ◁ ◁ ◁ ◁ ⌘ ◁ ✕ X ◁ Y ◁ ◊ ◁ ◁ ◁ ◊ ♡ ◊ ◊ ◊ ◊ ◊ Ω Π Π ◊ Ω Π Ω Π Ω Ω Π e c Ω Ω ∂ ∂ ↑ Ω Ω Ω ∼ ∂
◊ φ Φ φ φ Φ φ ⌘ φ Φ Φ ⌘ Φ Φ ⊕ Φ ⌘ Φ ⌘ ⌘ ⌘ ⌘ ⌘ ⌘ ⌘ ⌘ Φ = = X X = = = = = ◁ X ⊘ ◁ ◁ ◁ ◁ ♡ X ⊘ ◊ ◁ ◁ X ◊ ◊ ◁ ↑ Π Π ◊ ◊ ◊ ◊ ◊ Π = Π ✕ Π △ Π ◁ Π Π Π Ω ∂ Ω Ω ∂ ∂ φ Ω Ω ◁
φ φ φ L Φ φ Φ Φ Φ Φ Φ ⌘ ≈ Φ ⌘ Φ Φ Φ ⌘ m ⌘ ⌘ ⌘ ✕ ⌘ ⌘ = = X = = = = = X = ◁ X X X X X X X X ≈ ◁ ◊ ◁ ◊ ◁ ◊ ◁ ◊ Π ◊ ♡ e ◊ T Π Π ◊ T Π Π Π Π Π ✕ Ω Π Ω Ω Π ∂ ∂ Ω ∂ Ω Ω ∂
φ Φ φ φ φ φ φ φ φ ⌘ Φ Φ ✕ V Φ X Φ Φ ◇ ⌘ ⌘ = ⌘ ⊘ = ⌘ ⌘ = X X = = = H = = X X X ◁ ≈ X X ◁ X ◁ ◁ ◊ ◊ ◊ ◊ ◁ ◁ ◁ L ◊ ◊ Π ◊ ◊ ◊ ◊ ◊ Ω Π Π Ω Π X Π Π ∼ c Ω Ω Ω Ω Ω φ Ω ∂ ∂
(18)	Art-goblen	(19)
